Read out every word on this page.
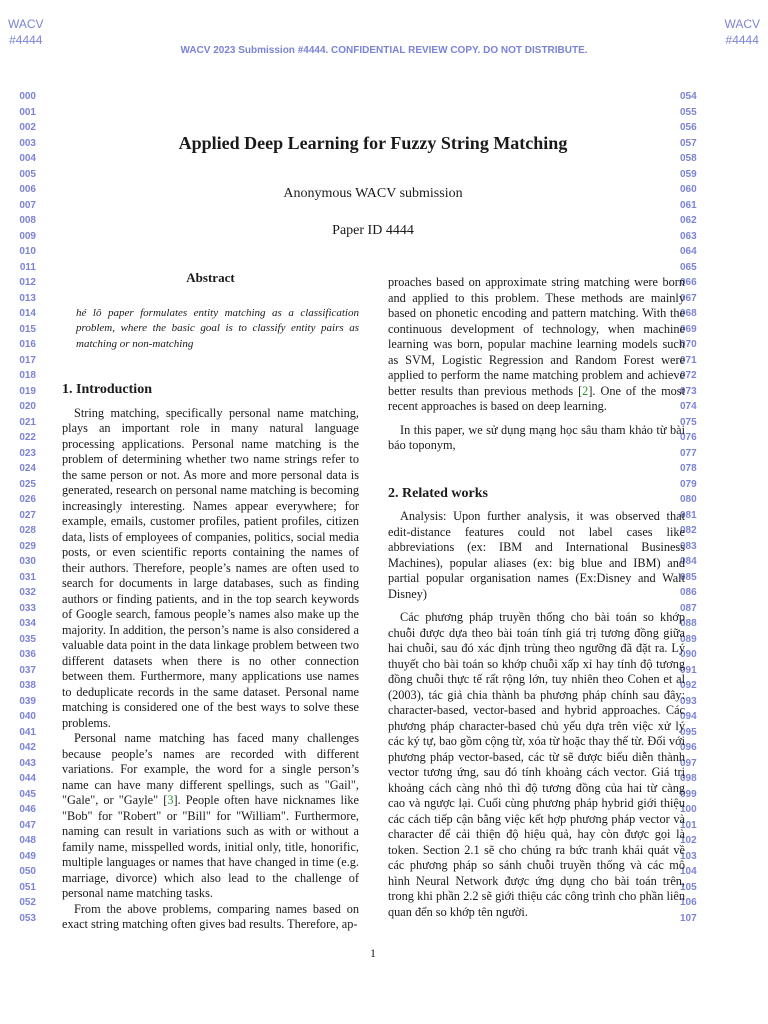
WACV
#4444
WACV
#4444
WACV 2023 Submission #4444. CONFIDENTIAL REVIEW COPY. DO NOT DISTRIBUTE.
000
001
002
003
004
005
006
007
008
009
010
011
012
013
014
015
016
017
018
019
020
021
022
023
024
025
026
027
028
029
030
031
032
033
034
035
036
037
038
039
040
041
042
043
044
045
046
047
048
049
050
051
052
053
054
055
056
057
058
059
060
061
062
063
064
065
066
067
068
069
070
071
072
073
074
075
076
077
078
079
080
081
082
083
084
085
086
087
088
089
090
091
092
093
094
095
096
097
098
099
100
101
102
103
104
105
106
107
Applied Deep Learning for Fuzzy String Matching
Anonymous WACV submission
Paper ID 4444
Abstract
hé lô paper formulates entity matching as a classification problem, where the basic goal is to classify entity pairs as matching or non-matching
1. Introduction

String matching, specifically personal name matching, plays an important role in many natural language processing applications. Personal name matching is the problem of determining whether two name strings refer to the same person or not. As more and more personal data is generated, research on personal name matching is becoming increasingly interesting. Names appear everywhere; for example, emails, customer profiles, patient profiles, citizen data, lists of employees of companies, politics, social media posts, or even scientific reports containing the names of their authors. Therefore, people’s names are often used to search for documents in large databases, such as finding authors or finding patients, and in the top search keywords of Google search, famous people’s names also make up the majority. In addition, the person’s name is also considered a valuable data point in the data linkage problem between two different datasets when there is no other connection between them. Furthermore, many applications use names to deduplicate records in the same dataset. Personal name matching is considered one of the best ways to solve these problems.

Personal name matching has faced many challenges because people’s names are recorded with different variations. For example, the word for a single person’s name can have many different spellings, such as "Gail", "Gale", or "Gayle" [3]. People often have nicknames like "Bob" for "Robert" or "Bill" for "William". Furthermore, naming can result in variations such as with or without a family name, misspelled words, initial only, title, honorific, multiple languages or names that have changed in time (e.g. marriage, divorce) which also lead to the challenge of personal name matching tasks.

From the above problems, comparing names based on exact string matching often gives bad results. Therefore, ap-

proaches based on approximate string matching were born and applied to this problem. These methods are mainly based on phonetic encoding and pattern matching. With the continuous development of technology, when machine learning was born, popular machine learning models such as SVM, Logistic Regression and Random Forest were applied to perform the name matching problem and achieve better results than previous methods [2]. One of the most recent approaches is based on deep learning.

In this paper, we sử dụng mạng học sâu tham khảo từ bài báo toponym,

2. Related works

Analysis: Upon further analysis, it was observed that edit-distance features could not label cases like abbreviations (ex: IBM and International Business Machines), popular aliases (ex: big blue and IBM) and partial popular organisation names (Ex:Disney and Walt Disney)

Các phương pháp truyền thống cho bài toán so khớp chuỗi được dựa theo bài toán tính giá trị tương đồng giữa hai chuỗi, sau đó xác định trùng theo ngưỡng đã đặt ra. Lý thuyết cho bài toán so khớp chuỗi xấp xỉ hay tính độ tương đồng chuỗi thực tế rất rộng lớn, tuy nhiên theo Cohen et al (2003), tác giả chia thành ba phương pháp chính sau đây: character-based, vector-based and hybrid approaches. Các phương pháp character-based chủ yếu dựa trên việc xử lý các ký tự, bao gồm cộng từ, xóa từ hoặc thay thế từ. Đối với phương pháp vector-based, các từ sẽ được biểu diễn thành vector tương ứng, sau đó tính khoảng cách vector. Giá trị khoảng cách càng nhỏ thì độ tương đồng của hai từ càng cao và ngược lại. Cuối cùng phương pháp hybrid giới thiệu các cách tiếp cận bằng việc kết hợp phương pháp vector và character để cải thiện độ hiệu quả, hay còn được gọi là token. Section 2.1 sẽ cho chúng ra bức tranh khái quát về các phương pháp so sánh chuỗi truyền thống và các mô hình Neural Network được ứng dụng cho bài toán trên, trong khi phần 2.2 sẽ giới thiệu các công trình cho phần liên quan đến so khớp tên người.

1
